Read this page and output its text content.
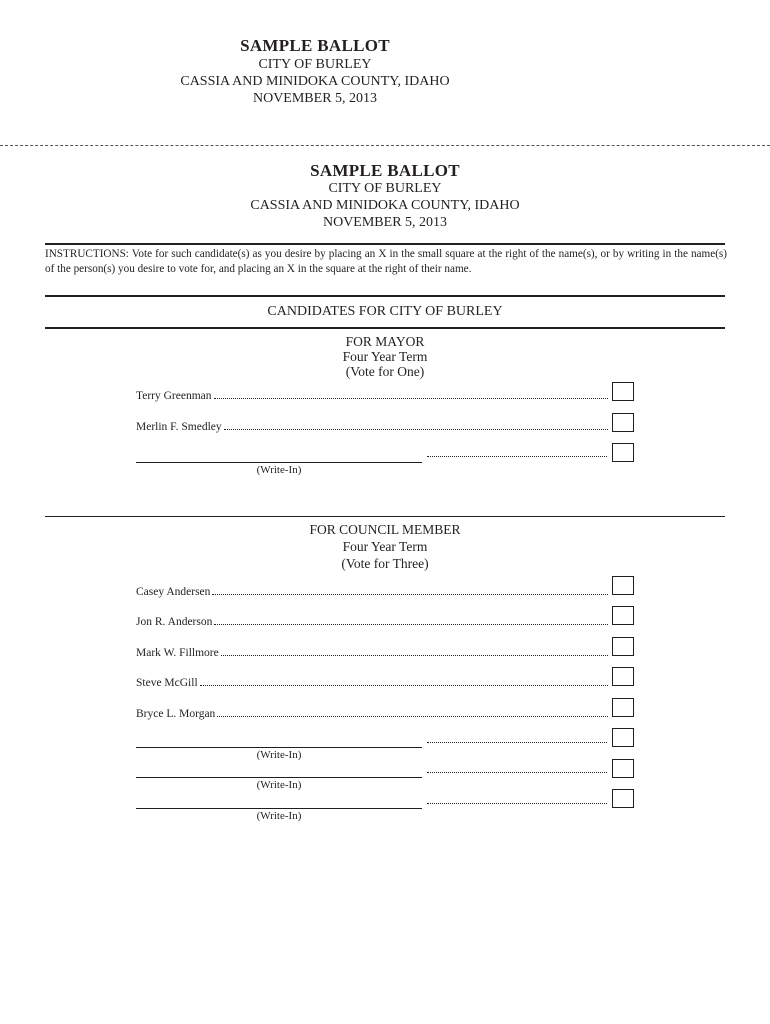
SAMPLE BALLOT
CITY OF BURLEY
CASSIA AND MINIDOKA COUNTY, IDAHO
NOVEMBER 5, 2013
SAMPLE BALLOT
CITY OF BURLEY
CASSIA AND MINIDOKA COUNTY, IDAHO
NOVEMBER 5, 2013
INSTRUCTIONS: Vote for such candidate(s) as you desire by placing an X in the small square at the right of the name(s), or by writing in the name(s) of the person(s) you desire to vote for, and placing an X in the square at the right of their name.
CANDIDATES FOR CITY OF BURLEY
FOR MAYOR
Four Year Term
(Vote for One)
Terry Greenman
Merlin F. Smedley
(Write-In)
FOR COUNCIL MEMBER
Four Year Term
(Vote for Three)
Casey Andersen
Jon R. Anderson
Mark W. Fillmore
Steve McGill
Bryce L. Morgan
(Write-In)
(Write-In)
(Write-In)
